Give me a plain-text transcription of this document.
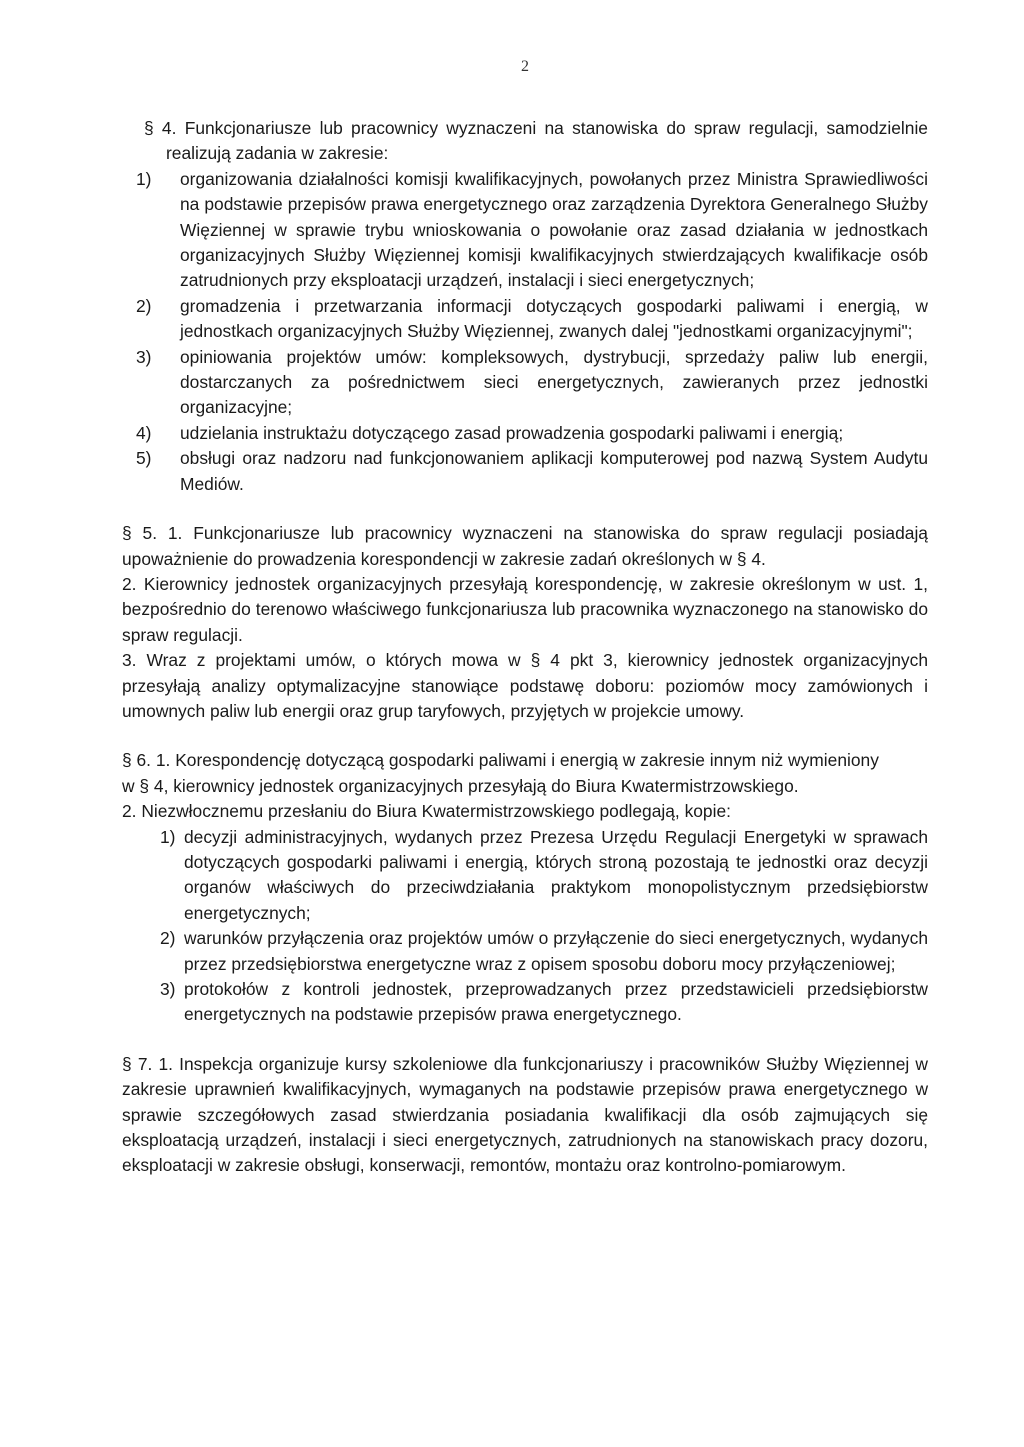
2

§ 4. Funkcjonariusze lub pracownicy wyznaczeni na stanowiska do spraw regulacji, samodzielnie realizują zadania w zakresie:

1) organizowania działalności komisji kwalifikacyjnych, powołanych przez Ministra Sprawiedliwości na podstawie przepisów prawa energetycznego oraz zarządzenia Dyrektora Generalnego Służby Więziennej w sprawie trybu wnioskowania o powołanie oraz zasad działania w jednostkach organizacyjnych Służby Więziennej komisji kwalifikacyjnych stwierdzających kwalifikacje osób zatrudnionych przy eksploatacji urządzeń, instalacji i sieci energetycznych;
2) gromadzenia i przetwarzania informacji dotyczących gospodarki paliwami i energią, w jednostkach organizacyjnych Służby Więziennej, zwanych dalej "jednostkami organizacyjnymi";
3) opiniowania projektów umów: kompleksowych, dystrybucji, sprzedaży paliw lub energii, dostarczanych za pośrednictwem sieci energetycznych, zawieranych przez jednostki organizacyjne;
4) udzielania instruktażu dotyczącego zasad prowadzenia gospodarki paliwami i energią;
5) obsługi oraz nadzoru nad funkcjonowaniem aplikacji komputerowej pod nazwą System Audytu Mediów.

§ 5. 1. Funkcjonariusze lub pracownicy wyznaczeni na stanowiska do spraw regulacji posiadają upoważnienie do prowadzenia korespondencji w zakresie zadań określonych w § 4.

2. Kierownicy jednostek organizacyjnych przesyłają korespondencję, w zakresie określonym w ust. 1, bezpośrednio do terenowo właściwego funkcjonariusza lub pracownika wyznaczonego na stanowisko do spraw regulacji.

3. Wraz z projektami umów, o których mowa w § 4 pkt 3, kierownicy jednostek organizacyjnych przesyłają analizy optymalizacyjne stanowiące podstawę doboru: poziomów mocy zamówionych i umownych paliw lub energii oraz grup taryfowych, przyjętych w projekcie umowy.

§ 6. 1. Korespondencję dotyczącą gospodarki paliwami i energią w zakresie innym niż wymieniony

w § 4, kierownicy jednostek organizacyjnych przesyłają do Biura Kwatermistrzowskiego.

2. Niezwłocznemu przesłaniu do Biura Kwatermistrzowskiego podlegają, kopie:

1) decyzji administracyjnych, wydanych przez Prezesa Urzędu Regulacji Energetyki w sprawach dotyczących gospodarki paliwami i energią, których stroną pozostają te jednostki oraz decyzji organów właściwych do przeciwdziałania praktykom monopolistycznym przedsiębiorstw energetycznych;
2) warunków przyłączenia oraz projektów umów o przyłączenie do sieci energetycznych, wydanych przez przedsiębiorstwa energetyczne wraz z opisem sposobu doboru mocy przyłączeniowej;
3) protokołów z kontroli jednostek, przeprowadzanych przez przedstawicieli przedsiębiorstw energetycznych na podstawie przepisów prawa energetycznego.

§ 7. 1. Inspekcja organizuje kursy szkoleniowe dla funkcjonariuszy i pracowników Służby Więziennej w zakresie uprawnień kwalifikacyjnych, wymaganych na podstawie przepisów prawa energetycznego w sprawie szczegółowych zasad stwierdzania posiadania kwalifikacji dla osób zajmujących się eksploatacją urządzeń, instalacji i sieci energetycznych, zatrudnionych na stanowiskach pracy dozoru, eksploatacji w zakresie obsługi, konserwacji, remontów, montażu oraz kontrolno-pomiarowym.
